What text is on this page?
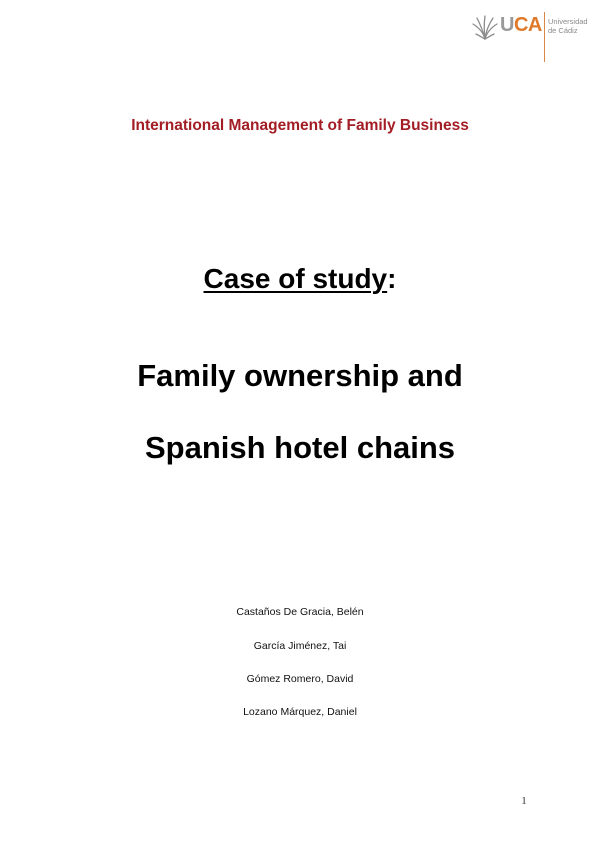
UCA Universidad
de Cádiz
International Management of Family Business
Case of study:
Family ownership and
Spanish hotel chains
Castaños De Gracia, Belén
García Jiménez, Tai
Gómez Romero, David
Lozano Márquez, Daniel
1
